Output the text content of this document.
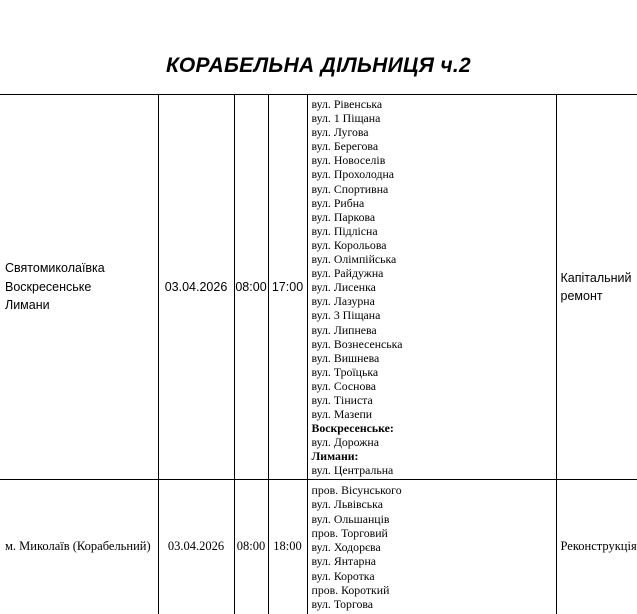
КОРАБЕЛЬНА ДІЛЬНИЦЯ ч.2
Святомиколаївка
Воскресенське
Лимани
	03.04.2026	08:00	17:00	
вул. Рівенська
вул. 1 Піщана
вул. Лугова
вул. Берегова
вул. Новоселів
вул. Прохолодна
вул. Спортивна
вул. Рибна
вул. Паркова
вул. Підлісна
вул. Корольова
вул. Олімпійська
вул. Райдужна
вул. Лисенка
вул. Лазурна
вул. 3 Піщана
вул. Липнева
вул. Вознесенська
вул. Вишнева
вул. Троїцька
вул. Соснова
вул. Тіниста
вул. Мазепи
Воскресенське:
вул. Дорожна
Лимани:
вул. Центральна
	Капітальний ремонт

м. Миколаїв (Корабельний)	03.04.2026	08:00	18:00	
пров. Вісунського
вул. Львівська
вул. Ольшанців
пров. Торговий
вул. Ходорєва
вул. Янтарна
вул. Коротка
пров. Короткий
вул. Торгова
	Реконструкція
